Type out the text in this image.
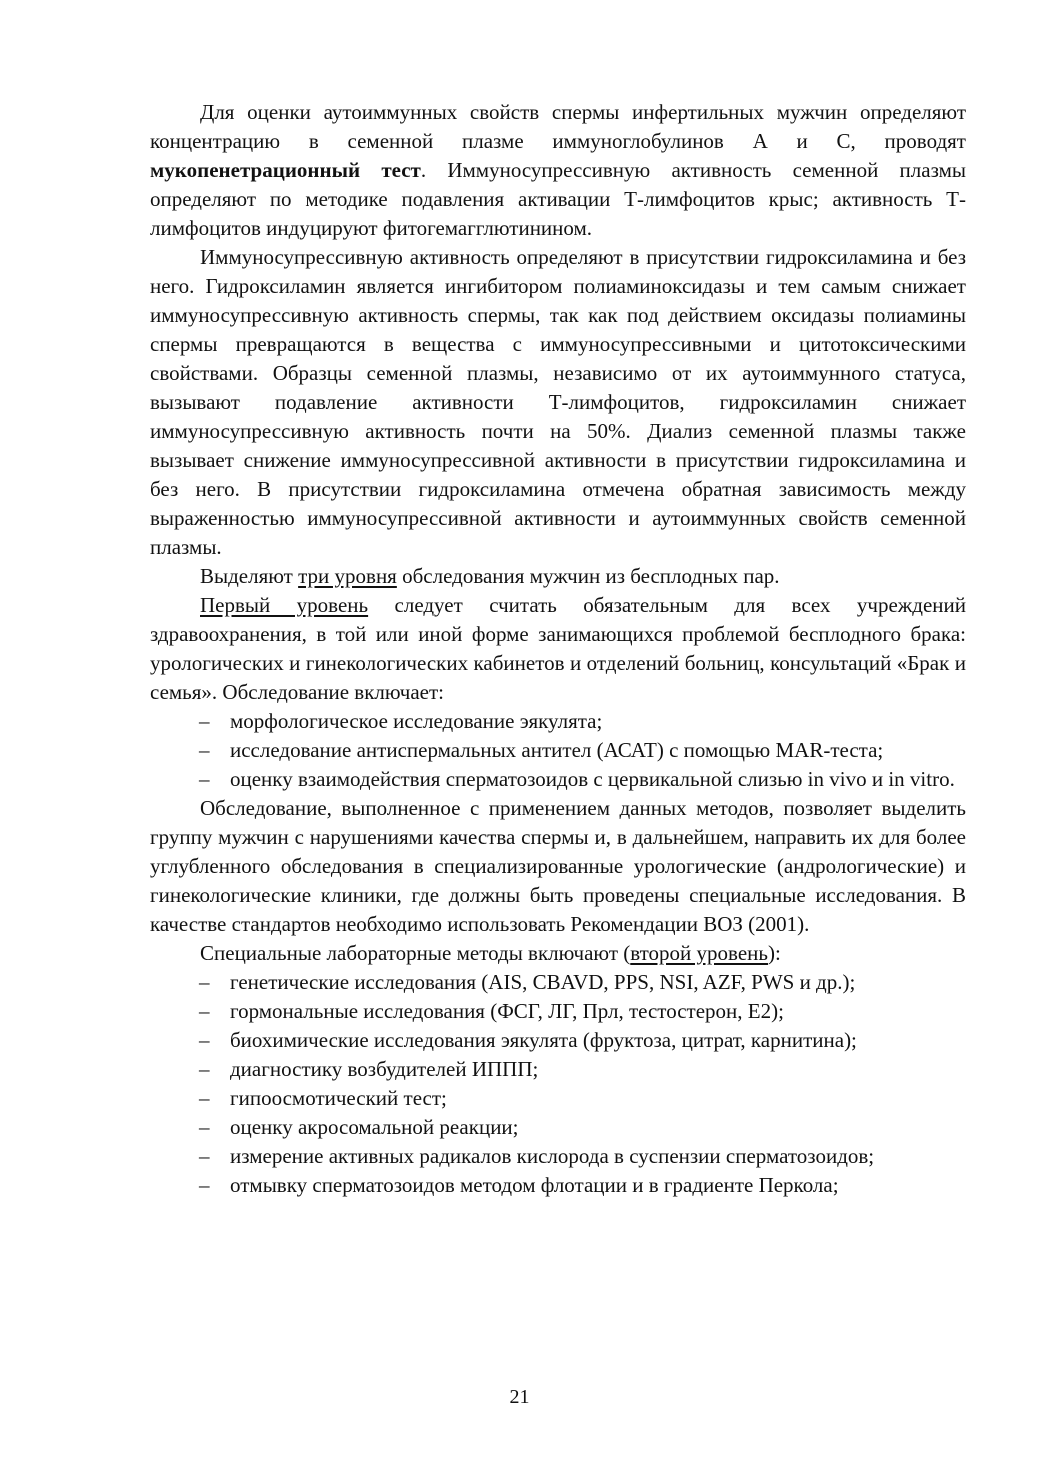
Для оценки аутоиммунных свойств спермы инфертильных мужчин определяют концентрацию в семенной плазме иммуноглобулинов А и С, проводят мукопенетрационный тест. Иммуносупрессивную активность семенной плазмы определяют по методике подавления активации Т-лимфоцитов крыс; активность Т-лимфоцитов индуцируют фитогемагглютинином.

Иммуносупрессивную активность определяют в присутствии гидроксиламина и без него. Гидроксиламин является ингибитором полиаминоксидазы и тем самым снижает иммуносупрессивную активность спермы, так как под действием оксидазы полиамины спермы превращаются в вещества с иммуносупрессивными и цитотоксическими свойствами. Образцы семенной плазмы, независимо от их аутоиммунного статуса, вызывают подавление активности Т-лимфоцитов, гидроксиламин снижает иммуносупрессивную активность почти на 50%. Диализ семенной плазмы также вызывает снижение иммуносупрессивной активности в присутствии гидроксиламина и без него. В присутствии гидроксиламина отмечена обратная зависимость между выраженностью иммуносупрессивной активности и аутоиммунных свойств семенной плазмы.

Выделяют три уровня обследования мужчин из бесплодных пар.

Первый уровень следует считать обязательным для всех учреждений здравоохранения, в той или иной форме занимающихся проблемой бесплодного брака: урологических и гинекологических кабинетов и отделений больниц, консультаций «Брак и семья». Обследование включает:

– морфологическое исследование эякулята;
– исследование антиспермальных антител (АСАТ) с помощью MAR-теста;
– оценку взаимодействия сперматозоидов с цервикальной слизью in vivo и in vitro.

Обследование, выполненное с применением данных методов, позволяет выделить группу мужчин с нарушениями качества спермы и, в дальнейшем, направить их для более углубленного обследования в специализированные урологические (андрологические) и гинекологические клиники, где должны быть проведены специальные исследования. В качестве стандартов необходимо использовать Рекомендации ВОЗ (2001).

Специальные лабораторные методы включают (второй уровень):

– генетические исследования (AIS, CBAVD, PPS, NSI, AZF, PWS и др.);
– гормональные исследования (ФСГ, ЛГ, Прл, тестостерон, Е2);
– биохимические исследования эякулята (фруктоза, цитрат, карнитина);
– диагностику возбудителей ИППП;
– гипоосмотический тест;
– оценку акросомальной реакции;
– измерение активных радикалов кислорода в суспензии сперматозоидов;
– отмывку сперматозоидов методом флотации и в градиенте Перкола;
21
